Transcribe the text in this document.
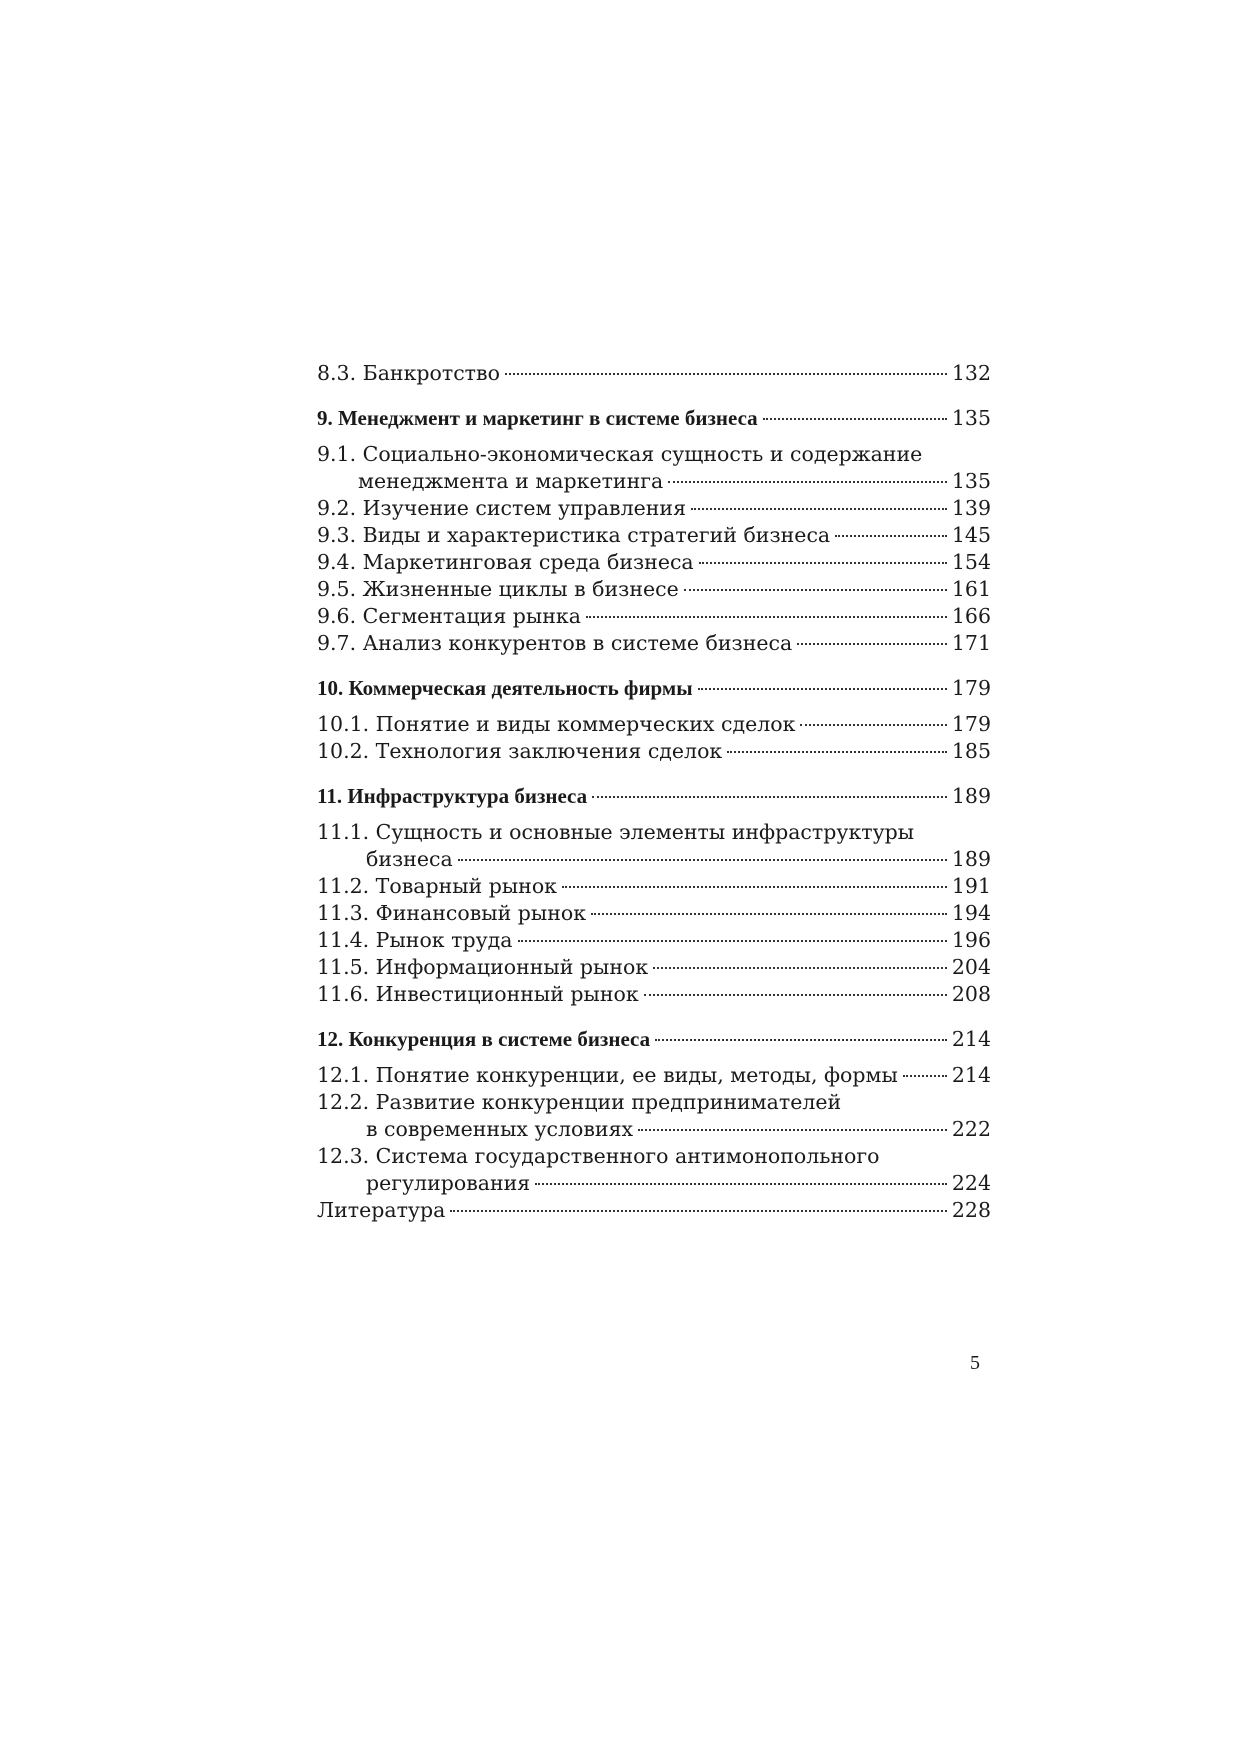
8.3. Банкротство	132
9. Менеджмент и маркетинг в системе бизнеса	135
9.1. Социально-экономическая сущность и содержание
менеджмента и маркетинга	135
9.2. Изучение систем управления	139
9.3. Виды и характеристика стратегий бизнеса	145
9.4. Маркетинговая среда бизнеса	154
9.5. Жизненные циклы в бизнесе	161
9.6. Сегментация рынка	166
9.7. Анализ конкурентов в системе бизнеса	171
10. Коммерческая деятельность фирмы	179
10.1. Понятие и виды коммерческих сделок	179
10.2. Технология заключения сделок	185
11. Инфраструктура бизнеса	189
11.1. Сущность и основные элементы инфраструктуры
бизнеса	189
11.2. Товарный рынок	191
11.3. Финансовый рынок	194
11.4. Рынок труда	196
11.5. Информационный рынок	204
11.6. Инвестиционный рынок	208
12. Конкуренция в системе бизнеса	214
12.1. Понятие конкуренции, ее виды, методы, формы	214
12.2. Развитие конкуренции предпринимателей
в современных условиях	222
12.3. Система государственного антимонопольного
регулирования	224
Литература	228
5
